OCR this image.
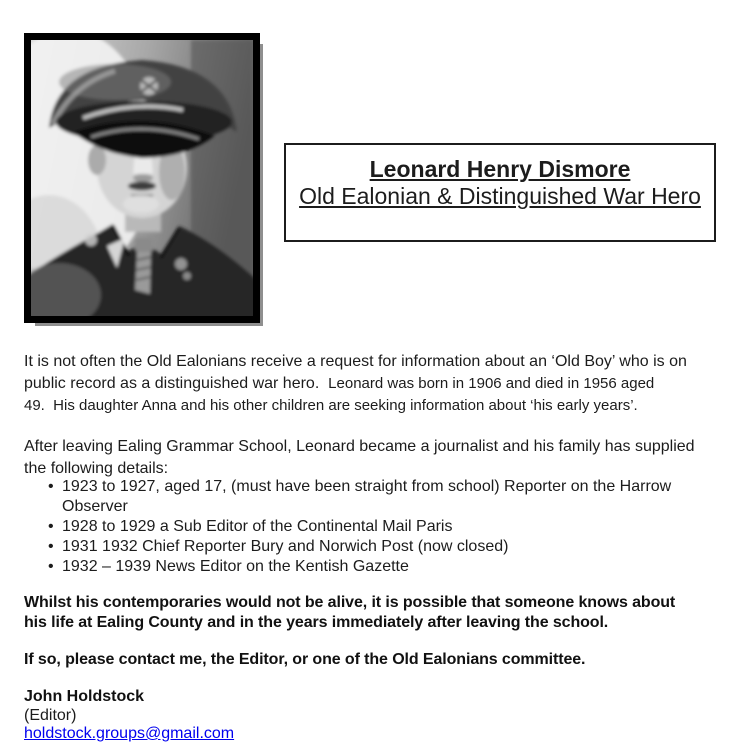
Leonard Henry Dismore
Old Ealonian & Distinguished War Hero
It is not often the Old Ealonians receive a request for information about an ‘Old Boy’ who is on
public record as a distinguished war hero.  Leonard was born in 1906 and died in 1956 aged
49.  His daughter Anna and his other children are seeking information about ‘his early years’.
After leaving Ealing Grammar School, Leonard became a journalist and his family has supplied
the following details:
• 1923 to 1927, aged 17, (must have been straight from school) Reporter on the Harrow
Observer
• 1928 to 1929 a Sub Editor of the Continental Mail Paris
• 1931 1932 Chief Reporter Bury and Norwich Post (now closed)
• 1932 – 1939 News Editor on the Kentish Gazette
Whilst his contemporaries would not be alive, it is possible that someone knows about
his life at Ealing County and in the years immediately after leaving the school.
If so, please contact me, the Editor, or one of the Old Ealonians committee.
John Holdstock
(Editor)
holdstock.groups@gmail.com
